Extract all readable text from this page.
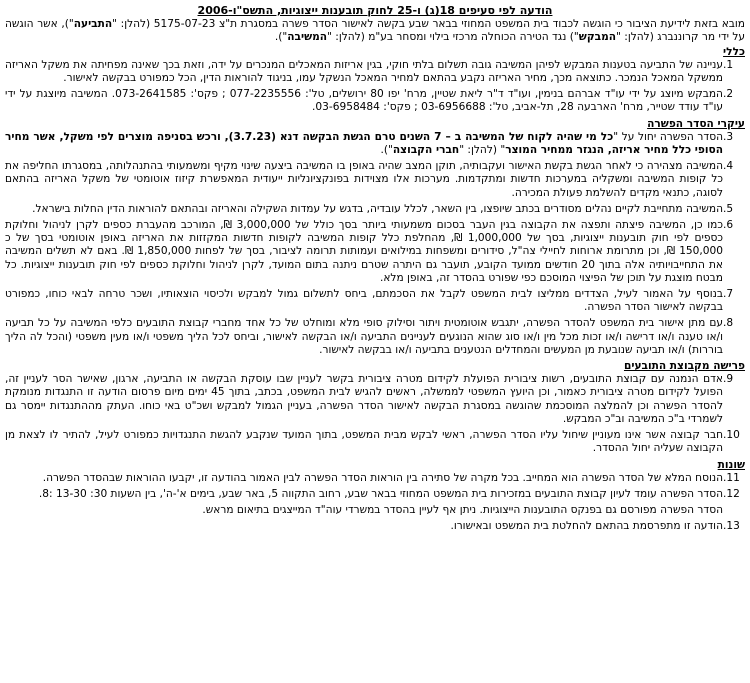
הודעה לפי סעיפים 18(ג) ו-25 לחוק תובענות ייצוגיות, התשס"ו-2006

מובא בזאת לידיעת הציבור כי הוגשה לכבוד בית המשפט המחוזי בבאר שבע בקשה לאישור הסדר פשרה במסגרת ת"צ 5175-07-23 (להלן: "התביעה"), אשר הוגשה על ידי מר קרוננברג (להלן: "המבקש") נגד הטירה הכוחלה מרכזי בילוי ומסחר בע"מ (להלן: "המשיבה").

כללי
1.
עניינה של התביעה בטענות המבקש לפיהן המשיבה גובה תשלום בלתי חוקי, בגין אריזות המאכלים המנכרים על ידה, וזאת בכך שאינה מפחיתה את משקל האריזה ממשקל המאכל הנמכר. כתוצאה מכך, מחיר האריזה נקבע בהתאם למחיר המאכל הנשקל עמו, בניגוד להוראות הדין, הכל כמפורט בבקשה לאישור.
2.
המבקש מיוצג על ידי עו"ד אברהם בנימין, ועו"ד ד"ר ליאת שטיין, מרח' יפו 80 ירושלים, טל': 077-2235556 ; פקס': 073-2641585. המשיבה מיוצגת על ידי עו"ד עודד שטייר, מרח' הארבעה 28, תל-אביב, טל': 03-6956688 ; פקס': 03-6958484.
עיקרי הסדר הפשרה
3.
הסדר הפשרה יחול על "כל מי שהיה לקוח של המשיבה ב – 7 השנים טרם הגשת הבקשה דנא (3.7.23), ורכש בסניפה מוצרים לפי משקל, אשר מחיר הסופי כלל מחיר אריזה, הנגזר ממחיר המוצר" (להלן: "חברי הקבוצה").
4.
המשיבה מצהירה כי לאחר הגשת בקשת האישור ועקבותיה, תוקן המצב שהיה באופן בו המשיבה ביצעה שינוי מקיף ומשמעותי בהתנהלותה, במסגרתו החליפה את כל קופות המשיבה ומשקליה במערכות חדשות ומתקדמות. מערכות אלו מצוידות בפונקציונליות ייעודית המאפשרת קיזוז אוטומטי של משקל האריזה בהתאם לסוגה, כתנאי מקדים להשלמת פעולת המכירה.
5.
המשיבה מתחייבת לקיים נהלים מסודרים בכתב שיופצו, בין השאר, לכלל עובדיה, בדגש על עמדות השקילה והאריזה ובהתאם להוראות הדין החלות בישראל.
6.
כמו כן, המשיבה פיצתה ותפצה את הקבוצה בגין העבר בסכום משמעותי ביותר בסך כולל של 3,000,000 ₪, המורכב מהעברת כספים לקרן לניהול וחלוקת כספים לפי חוק תובענות ייצוגיות, בסך של 1,000,000 ₪, מהחלפת כלל קופות המשיבה לקופות חדשות המקזזות את האריזה באופן אוטומטי בסך של כ 150,000 ₪, וכן מתרומת ארוחות לחיילי צה"ל, סידורים ומשפחות במילואים ועמותות תרומה לציבור, בסך של לפחות 1,850,000 ₪. באם לא תשלים המשיבה את התחייבויותיה אלה בתוך 20 חודשים ממועד הקובע, תועבר גם היתרה שטרם ניתנה בתום המועד, לקרן לניהול וחלוקת כספים לפי חוק תובענות ייצוגיות. כל מבטח מוצגת על תוכן של הפיצוי המוסכם כפי שפורט בהסדר זה, באופן מלא.
7.
בנוסף על האמור לעיל, הצדדים ממליצו לבית המשפט לקבל את הסכמתם, ביחס לתשלום גמול למבקש ולכיסוי הוצאותיו, ושכר טרחה לבאי כוחו, כמפורט בבקשה לאישור הסדר הפשרה.
8.
עם מתן אישור בית המשפט להסדר הפשרה, יתגבש אוטומטית ויתור וסילוק סופי מלא ומוחלט של כל אחד מחברי קבוצת התובעים כלפי המשיבה על כל תביעה ו/או טענה ו/או דרישה ו/או זכות מכל מין ו/או סוג שהוא הנוגעים לעניינים התביעה ו/או הבקשה לאישור, וביחס לכל הליך משפטי ו/או מעין משפטי (והכל לה הליך בוררות) ו/או תביעה שנובעת מן המעשים והמחדלים הנטענים בתביעה ו/או בבקשה לאישור.
פרישה מקבוצת התובעים
9.
אדם הנמנה עם קבוצת התובעים, רשות ציבורית הפועלת לקידום מטרה ציבורית בקשר לעניין שבו עוסקת הבקשה או התביעה, ארגון, שאישר הסר לעניין זה, הפועל לקידום מטרה ציבורית כאמור, וכן היועץ המשפטי לממשלה, ראשים להגיש לבית המשפט, בכתב, בתוך 45 ימים מיום פרסום הודעה זו התנגדות מנומקת להסדר הפשרה וכן להמלצה המוסכמת שהוגשה במסגרת הבקשה לאישור הסדר הפשרה, בעניין הגמול למבקש ושכ"ט באי כוחו. העתק מההתנגדות יימסר גם לשמרדי ב"כ המשיבה וב"כ המבקש.
10.
חבר קבוצה אשר אינו מעוניין שיחול עליו הסדר הפשרה, ראשי לבקש מבית המשפט, בתוך המועד שנקבע להגשת התנגדויות כמפורט לעיל, להתיר לו לצאת מן הקבוצה שעליה יחול ההסדר.
שונות
11.
הנוסח המלא של הסדר הפשרה הוא המחייב. בכל מקרה של סתירה בין הוראות הסדר הפשרה לבין האמור בהודעה זו, יקבעו ההוראות שבהסדר הפשרה.
12.
הסדר הפשרה עומד לעיון קבוצת התובעים במזכירות בית המשפט המחוזי בבאר שבע, רחוב התקווה 5, באר שבע, בימים א'-ה', בין השעות 30: 13-30 :8.
הסדר הפשרה מפורסם גם בפנקס התובענות הייצוגיות. ניתן אף לעיין בהסדר במשרדי עוה"ד המייצגים בתיאום מראש.
13.
הודעה זו מתפרסמת בהתאם להחלטת בית המשפט ובאישורו.
